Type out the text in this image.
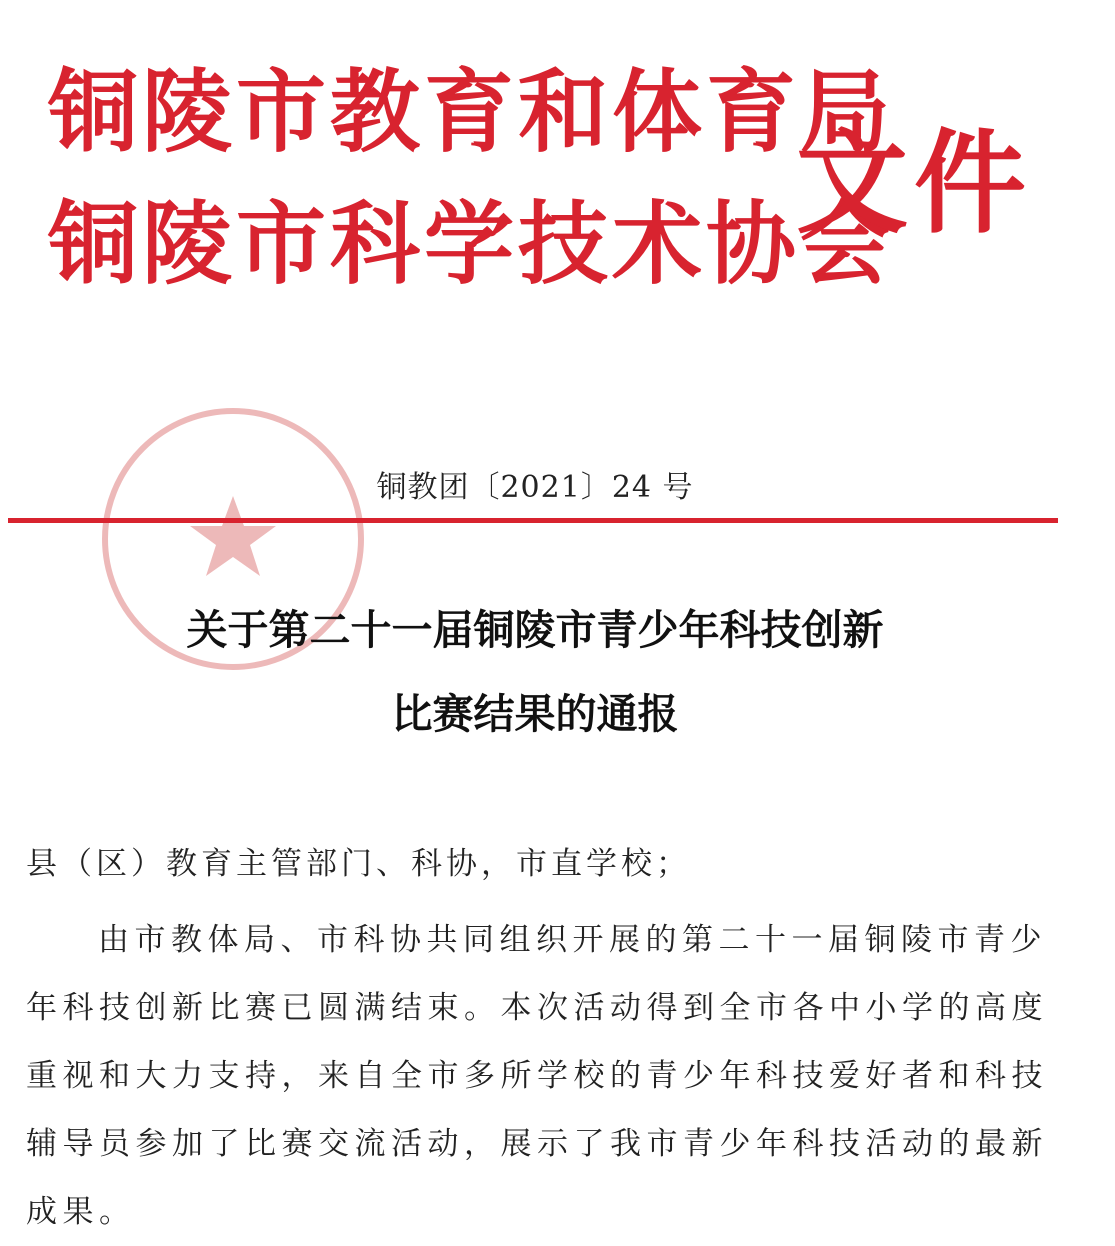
铜陵市教育和体育局
铜陵市科学技术协会
文件
铜教团〔2021〕24 号
关于第二十一届铜陵市青少年科技创新
比赛结果的通报
县（区）教育主管部门、科协，市直学校；
由市教体局、市科协共同组织开展的第二十一届铜陵市青少
年科技创新比赛已圆满结束。本次活动得到全市各中小学的高度
重视和大力支持，来自全市多所学校的青少年科技爱好者和科技
辅导员参加了比赛交流活动，展示了我市青少年科技活动的最新
成果。
